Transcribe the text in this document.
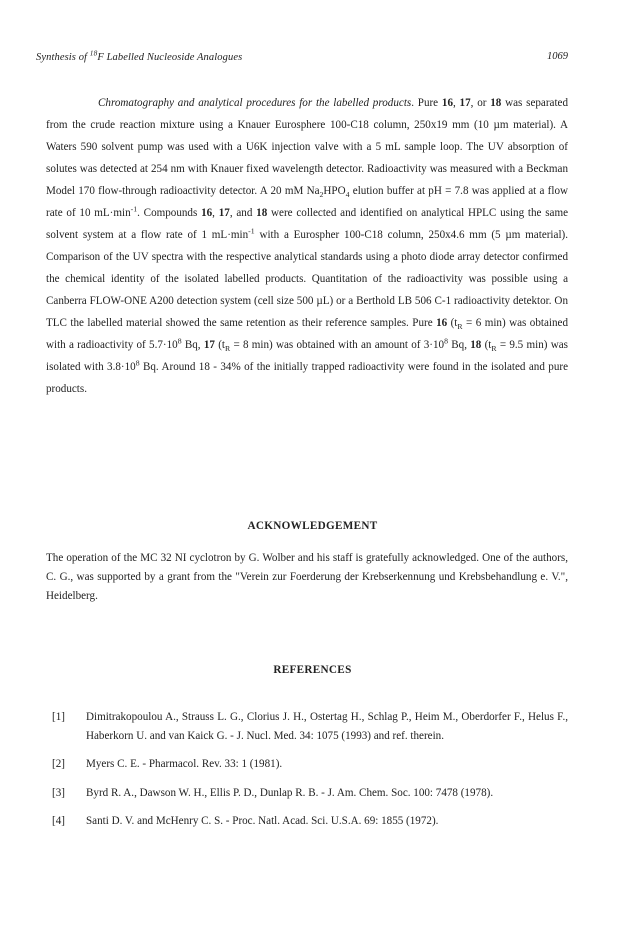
Synthesis of $^{18}$F Labelled Nucleoside Analogues	1069

Chromatography and analytical procedures for the labelled products. Pure 16, 17, or 18 was separated from the crude reaction mixture using a Knauer Eurosphere 100-C18 column, 250x19 mm (10 µm material). A Waters 590 solvent pump was used with a U6K injection valve with a 5 mL sample loop. The UV absorption of solutes was detected at 254 nm with Knauer fixed wavelength detector. Radioactivity was measured with a Beckman Model 170 flow-through radioactivity detector. A 20 mM $Na_2HPO_4$ elution buffer at pH = 7.8 was applied at a flow rate of 10 $mL\cdot\min^{-1}$. Compounds 16, 17, and 18 were collected and identified on analytical HPLC using the same solvent system at a flow rate of 1 $mL\cdot\min^{-1}$ with a Eurospher 100-C18 column, 250x4.6 mm (5 µm material). Comparison of the UV spectra with the respective analytical standards using a photo diode array detector confirmed the chemical identity of the isolated labelled products. Quantitation of the radioactivity was possible using a Canberra FLOW-ONE A200 detection system (cell size 500 µL) or a Berthold LB 506 C-1 radioactivity detektor. On TLC the labelled material showed the same retention as their reference samples. Pure 16 ($t_R = 6$ min) was obtained with a radioactivity of $5.7\cdot 10^8$ Bq, 17 ($t_R = 8$ min) was obtained with an amount of $3\cdot 10^8$ Bq, 18 ($t_R = 9.5$ min) was isolated with $3.8\cdot 10^8$ Bq. Around 18 - 34% of the initially trapped radioactivity were found in the isolated and pure products.

ACKNOWLEDGEMENT
The operation of the MC 32 NI cyclotron by G. Wolber and his staff is gratefully acknowledged. One of the authors, C. G., was supported by a grant from the "Verein zur Foerderung der Krebserkennung und Krebsbehandlung e. V.", Heidelberg.
REFERENCES
[1]	Dimitrakopoulou A., Strauss L. G., Clorius J. H., Ostertag H., Schlag P., Heim M., Oberdorfer F., Helus F., Haberkorn U. and van Kaick G. - J. Nucl. Med. 34: 1075 (1993) and ref. therein.
[2]	Myers C. E. - Pharmacol. Rev. 33: 1 (1981).
[3]	Byrd R. A., Dawson W. H., Ellis P. D., Dunlap R. B. - J. Am. Chem. Soc. 100: 7478 (1978).
[4]	Santi D. V. and McHenry C. S. - Proc. Natl. Acad. Sci. U.S.A. 69: 1855 (1972).
